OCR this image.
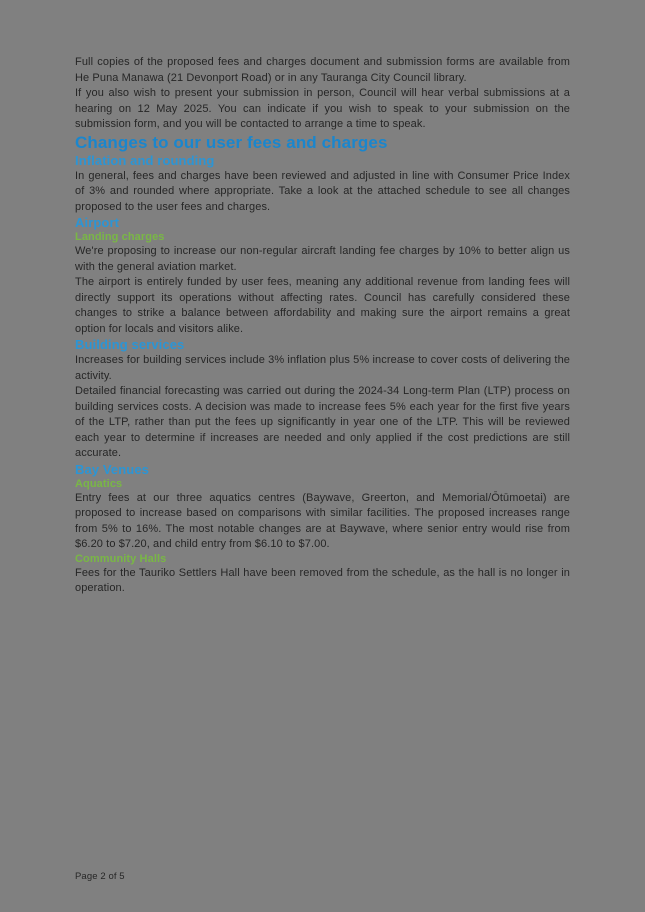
Full copies of the proposed fees and charges document and submission forms are available from He Puna Manawa (21 Devonport Road) or in any Tauranga City Council library.

If you also wish to present your submission in person, Council will hear verbal submissions at a hearing on 12 May 2025. You can indicate if you wish to speak to your submission on the submission form, and you will be contacted to arrange a time to speak.

Changes to our user fees and charges
Inflation and rounding

In general, fees and charges have been reviewed and adjusted in line with Consumer Price Index of 3% and rounded where appropriate. Take a look at the attached schedule to see all changes proposed to the user fees and charges.

Airport
Landing charges

We're proposing to increase our non-regular aircraft landing fee charges by 10% to better align us with the general aviation market.

The airport is entirely funded by user fees, meaning any additional revenue from landing fees will directly support its operations without affecting rates. Council has carefully considered these changes to strike a balance between affordability and making sure the airport remains a great option for locals and visitors alike.

Building services

Increases for building services include 3% inflation plus 5% increase to cover costs of delivering the activity.

Detailed financial forecasting was carried out during the 2024-34 Long-term Plan (LTP) process on building services costs. A decision was made to increase fees 5% each year for the first five years of the LTP, rather than put the fees up significantly in year one of the LTP. This will be reviewed each year to determine if increases are needed and only applied if the cost predictions are still accurate.

Bay Venues
Aquatics

Entry fees at our three aquatics centres (Baywave, Greerton, and Memorial/Ōtūmoetai) are proposed to increase based on comparisons with similar facilities. The proposed increases range from 5% to 16%. The most notable changes are at Baywave, where senior entry would rise from $6.20 to $7.20, and child entry from $6.10 to $7.00.

Community Halls

Fees for the Tauriko Settlers Hall have been removed from the schedule, as the hall is no longer in operation.

Page 2 of 5
